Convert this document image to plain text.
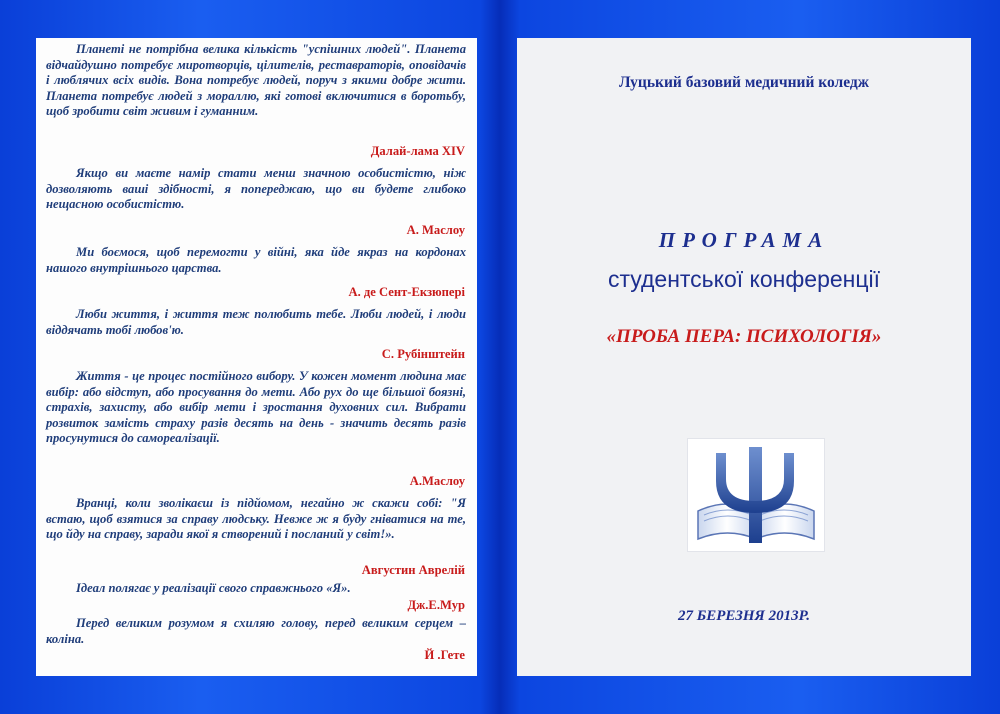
Планеті не потрібна велика кількість "успішних людей". Планета відчайдушно потребує миротворців, цілителів, реставраторів, оповідачів і люблячих всіх видів. Вона потребує людей, поруч з якими добре жити. Планета потребує людей з мораллю, які готові включитися в боротьбу, щоб зробити світ живим і гуманним.
Далай-лама XIV
Якщо ви маєте намір стати менш значною особистістю, ніж дозволяють ваші здібності, я попереджаю, що ви будете глибоко нещасною особистістю.
А. Маслоу
Ми боємося, щоб перемогти у війні, яка йде якраз на кордонах нашого внутрішнього царства.
А. де Сент-Екзюпері
Люби життя, і життя теж полюбить тебе. Люби людей, і люди віддячать тобі любов'ю.
С. Рубінштейн
Життя - це процес постійного вибору. У кожен момент людина має вибір: або відступ, або просування до мети. Або рух до ще більшої боязні, страхів, захисту, або вибір мети і зростання духовних сил. Вибрати розвиток замість страху разів десять на день - значить десять разів просунутися до самореалізації.
А.Маслоу
Вранці, коли зволікаєш із підйомом, негайно ж скажи собі: "Я встаю, щоб взятися за справу людську. Невже ж я буду гніватися на те, що йду на справу, заради якої я створений і посланий у світ!».
Августин Аврелій
Ідеал полягає у реалізації свого справжнього «Я».
Дж.Е.Мур
Перед великим розумом я схиляю голову, перед великим серцем – коліна.
Й .Гете
Луцький базовий медичний коледж
ПРОГРАМА
студентської конференції
«ПРОБА ПЕРА: ПСИХОЛОГІЯ»
27 БЕРЕЗНЯ 2013Р.
